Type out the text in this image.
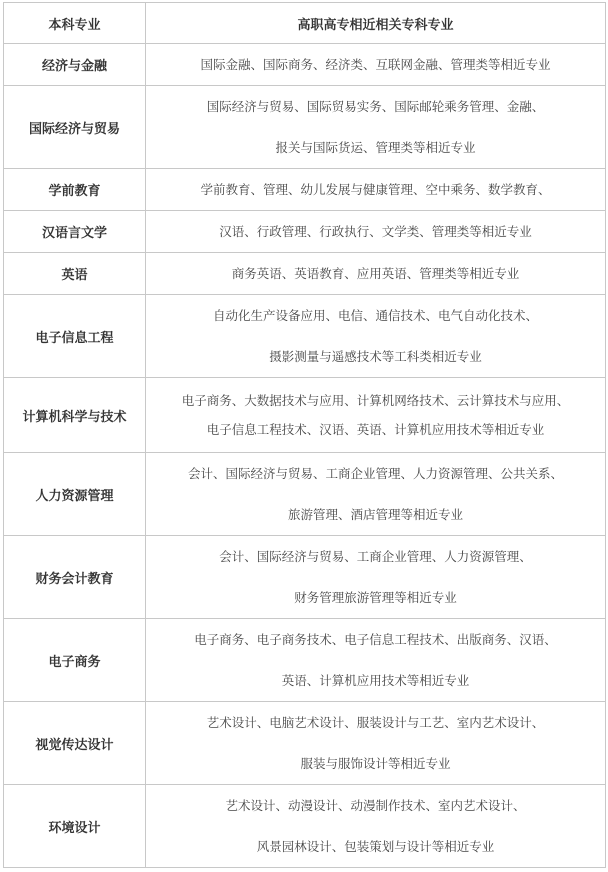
本科专业	高职高专相近相关专科专业
经济与金融	国际金融、国际商务、经济类、互联网金融、管理类等相近专业

国际经济与贸易	国际经济与贸易、国际贸易实务、国际邮轮乘务管理、金融、
报关与国际货运、管理类等相近专业

学前教育	学前教育、管理、幼儿发展与健康管理、空中乘务、数学教育、

汉语言文学	汉语、行政管理、行政执行、文学类、管理类等相近专业

英语	商务英语、英语教育、应用英语、管理类等相近专业

电子信息工程	自动化生产设备应用、电信、通信技术、电气自动化技术、
摄影测量与遥感技术等工科类相近专业

计算机科学与技术	电子商务、大数据技术与应用、计算机网络技术、云计算技术与应用、
电子信息工程技术、汉语、英语、计算机应用技术等相近专业

人力资源管理	会计、国际经济与贸易、工商企业管理、人力资源管理、公共关系、
旅游管理、酒店管理等相近专业

财务会计教育	会计、国际经济与贸易、工商企业管理、人力资源管理、
财务管理旅游管理等相近专业

电子商务	电子商务、电子商务技术、电子信息工程技术、出版商务、汉语、
英语、计算机应用技术等相近专业

视觉传达设计	艺术设计、电脑艺术设计、服装设计与工艺、室内艺术设计、
服装与服饰设计等相近专业

环境设计	艺术设计、动漫设计、动漫制作技术、室内艺术设计、
风景园林设计、包装策划与设计等相近专业
